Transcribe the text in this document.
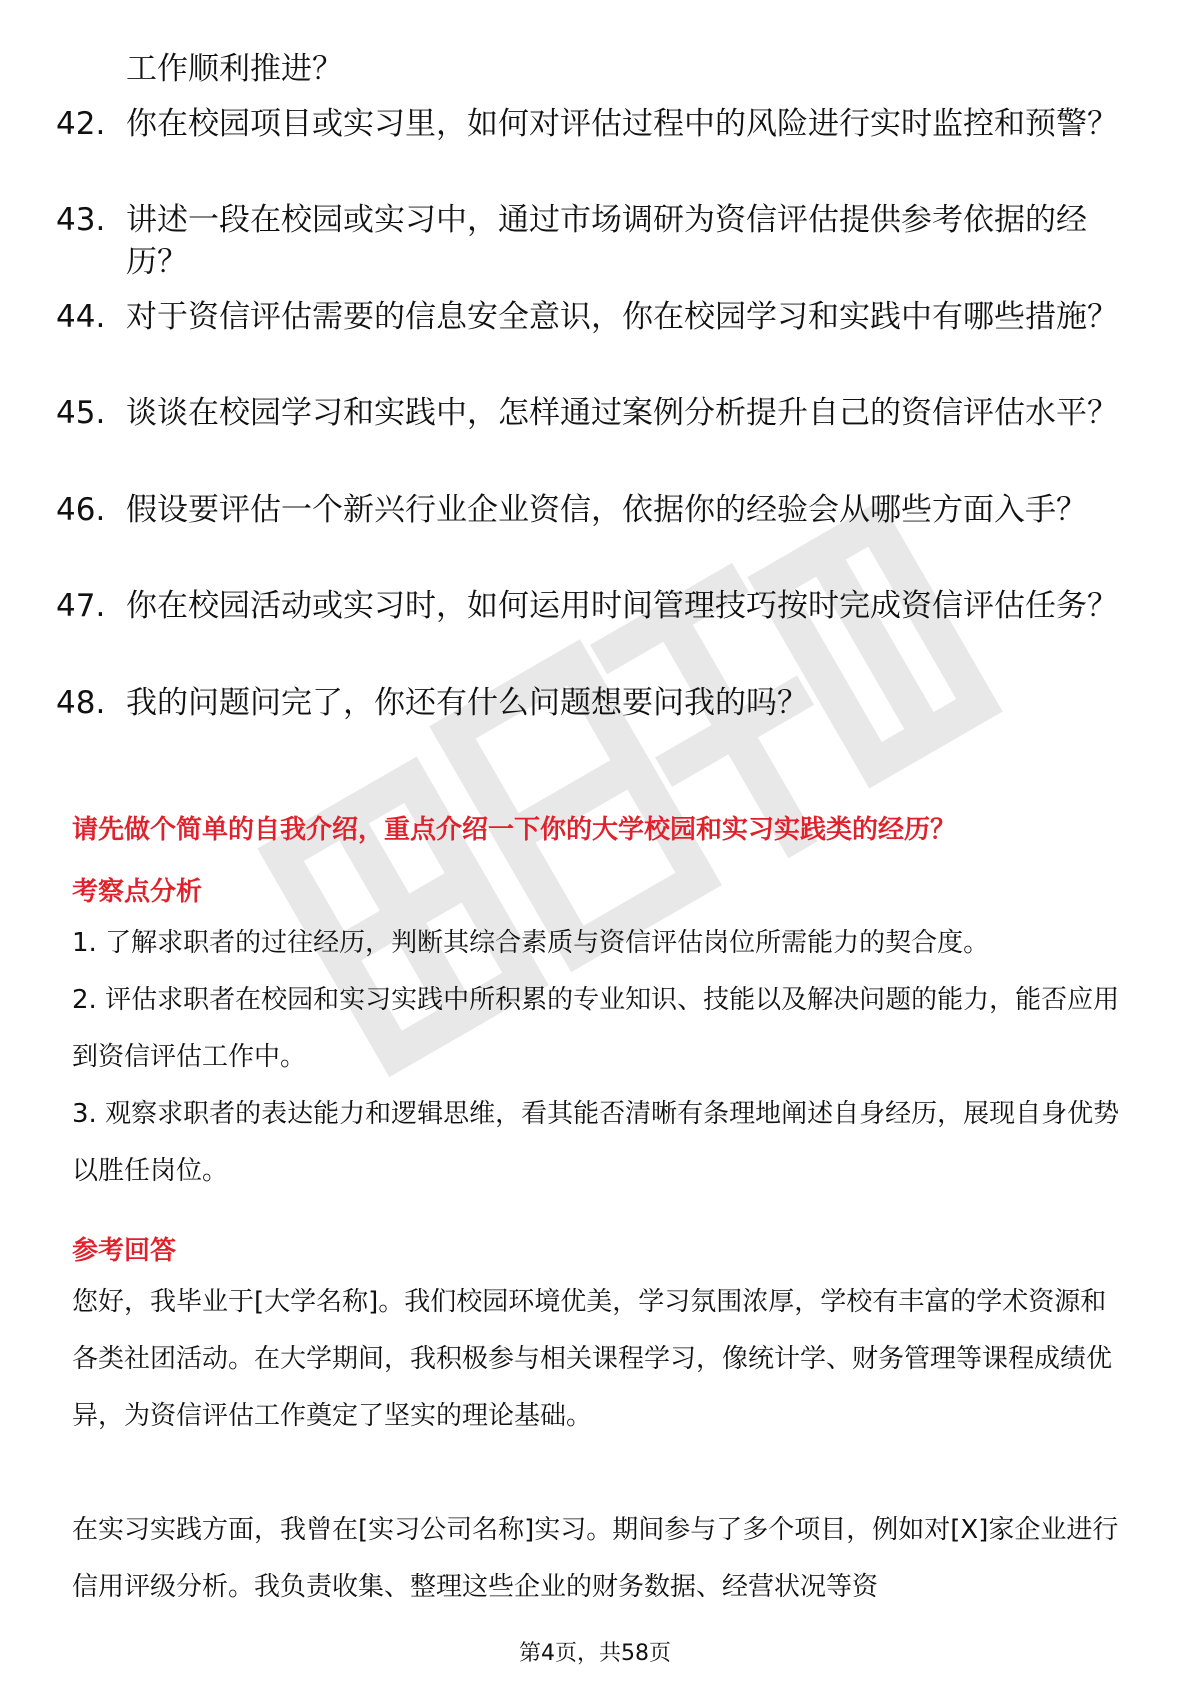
工作顺利推进？

42. 你在校园项目或实习里，如何对评估过程中的风险进行实时监控和预警？
43. 讲述一段在校园或实习中，通过市场调研为资信评估提供参考依据的经历？
44. 对于资信评估需要的信息安全意识，你在校园学习和实践中有哪些措施？
45. 谈谈在校园学习和实践中，怎样通过案例分析提升自己的资信评估水平？
46. 假设要评估一个新兴行业企业资信，依据你的经验会从哪些方面入手？
47. 你在校园活动或实习时，如何运用时间管理技巧按时完成资信评估任务？
48. 我的问题问完了，你还有什么问题想要问我的吗？
请先做个简单的自我介绍，重点介绍一下你的大学校园和实习实践类的经历？
考察点分析
1. 了解求职者的过往经历，判断其综合素质与资信评估岗位所需能力的契合度。
2. 评估求职者在校园和实习实践中所积累的专业知识、技能以及解决问题的能力，能否应用到资信评估工作中。
3. 观察求职者的表达能力和逻辑思维，看其能否清晰有条理地阐述自身经历，展现自身优势以胜任岗位。
参考回答
您好，我毕业于[大学名称]。我们校园环境优美，学习氛围浓厚，学校有丰富的学术资源和各类社团活动。在大学期间，我积极参与相关课程学习，像统计学、财务管理等课程成绩优异，为资信评估工作奠定了坚实的理论基础。
在实习实践方面，我曾在[实习公司名称]实习。期间参与了多个项目，例如对[X]家企业进行信用评级分析。我负责收集、整理这些企业的财务数据、经营状况等资
第4页，共58页
